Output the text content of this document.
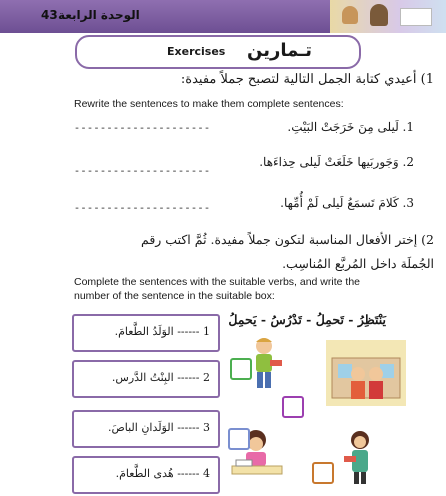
الوحدة الرابعة
43
Exercises تـمارين
1) أعيدي كتابة الجمل التالية لتصبح جملاً مفيدة:
Rewrite the sentences to make them complete sentences:
1. لَيلى مِنَ خَرَجَتْ البَيْتِ.
---------------------
2. وَجَوربَيها خَلَعَتْ لَيلى حِذاءَها.
---------------------
3. كَلامَ تَسمَعُ لَيلى لَمْ أُمِّها.
---------------------
2) إختر الأفعال المناسبة لتكون جملاً مفيدة. ثُمَّ اكتب رقم
الجُملَة داخل المُربَّع المُناسِب.
Complete the sentences with the suitable verbs, and write the
number of the sentence in the suitable box:
يَنْتَظِرُ - تَحمِلُ - تَدْرُسُ - يَحمِلُ
1 ------ الوَلَدُ الطَّعامَ.
2 ------ البِنْتُ الدَّرس.
3 ------ الوَلَدانِ الباصَ.
4 ------ هُدى الطَّعامَ.
